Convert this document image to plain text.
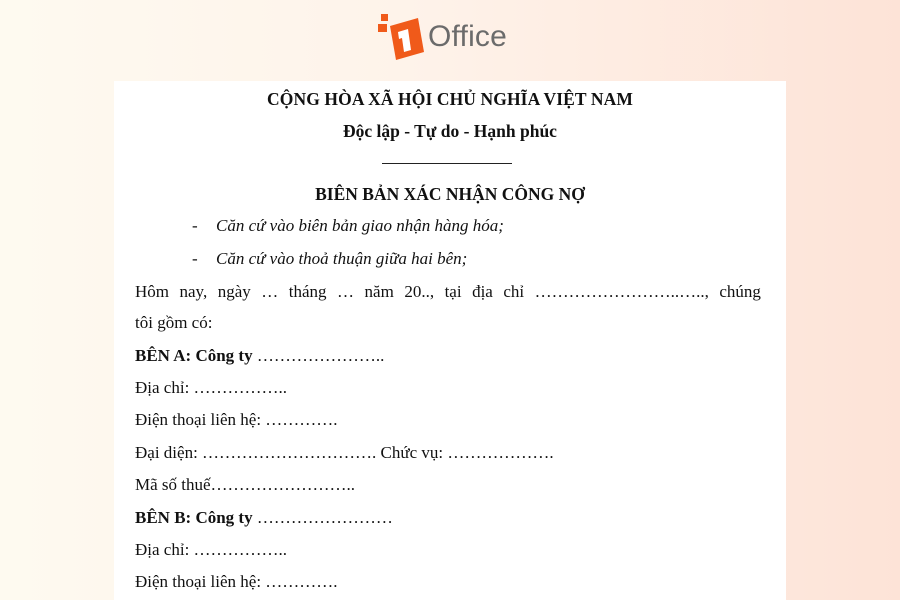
Office
CỘNG HÒA XÃ HỘI CHỦ NGHĨA VIỆT NAM
Độc lập - Tự do - Hạnh phúc
BIÊN BẢN XÁC NHẬN CÔNG NỢ
-	Căn cứ vào biên bản giao nhận hàng hóa;
-	Căn cứ vào thoả thuận giữa hai bên;
Hôm nay, ngày … tháng … năm 20.., tại địa chỉ ……………………..….., chúng
tôi gồm có:
BÊN A: Công ty …………………..
Địa chỉ: ……………..
Điện thoại liên hệ: ………….
Đại diện: …………………………. Chức vụ: ……………….
Mã số thuế……………………..
BÊN B: Công ty ……………………
Địa chỉ: ……………..
Điện thoại liên hệ: ………….
